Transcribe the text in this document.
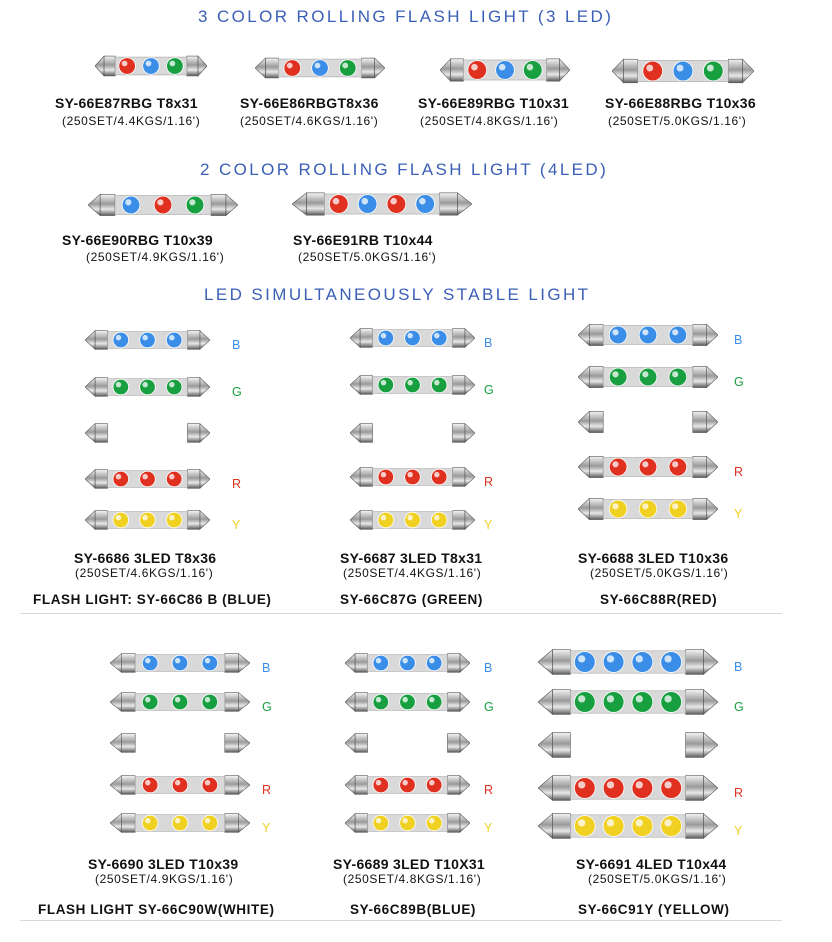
3 COLOR ROLLING FLASH LIGHT (3 LED)
2 COLOR ROLLING FLASH LIGHT (4LED)
LED SIMULTANEOUSLY STABLE LIGHT
SY-66E87RBG T8x31
(250SET/4.4KGS/1.16')
SY-66E86RBGT8x36
(250SET/4.6KGS/1.16')
SY-66E89RBG T10x31
(250SET/4.8KGS/1.16')
SY-66E88RBG T10x36
(250SET/5.0KGS/1.16')
SY-66E90RBG T10x39
(250SET/4.9KGS/1.16')
SY-66E91RB T10x44
(250SET/5.0KGS/1.16')
B
G
R
Y
B
G
R
Y
B
G
R
Y
B
G
R
Y
B
G
R
Y
B
G
R
Y
SY-6686 3LED T8x36
(250SET/4.6KGS/1.16')
SY-6687 3LED T8x31
(250SET/4.4KGS/1.16')
SY-6688 3LED T10x36
(250SET/5.0KGS/1.16')
FLASH LIGHT: SY-66C86 B (BLUE)	SY-66C87G (GREEN)	SY-66C88R(RED)
SY-6690 3LED T10x39
(250SET/4.9KGS/1.16')
SY-6689 3LED T10X31
(250SET/4.8KGS/1.16')
SY-6691 4LED T10x44
(250SET/5.0KGS/1.16')
FLASH LIGHT SY-66C90W(WHITE)	SY-66C89B(BLUE)	SY-66C91Y (YELLOW)
